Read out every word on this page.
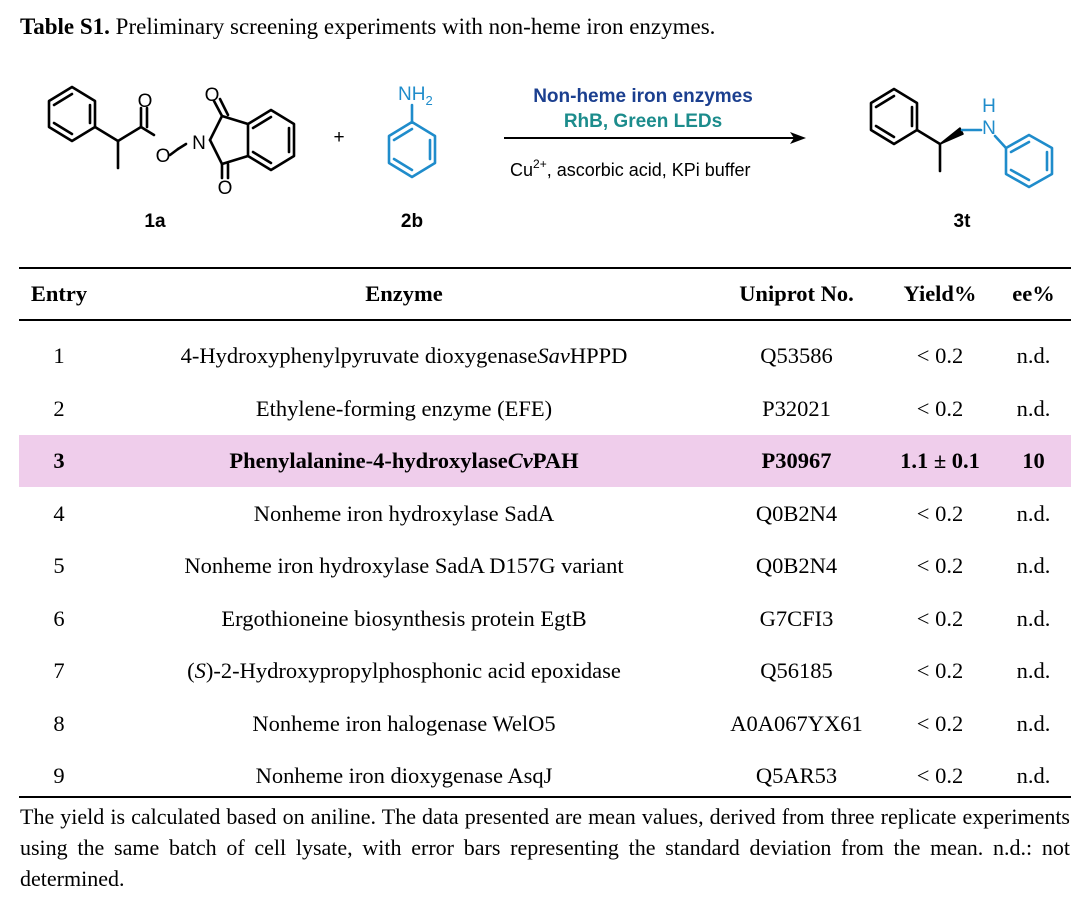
Table S1. Preliminary screening experiments with non-heme iron enzymes.
O
O
N
O
O
1a
+
$NH_2$
2b
Non-heme iron enzymes
RhB, Green LEDs
$Cu^{2+}$, ascorbic acid, KPi buffer
H
N
3t
Entry	Enzyme	Uniprot No.	Yield%	ee%
1	4-Hydroxyphenylpyruvate dioxygenase Sav HPPD	Q53586	< 0.2	n.d.
2	Ethylene-forming enzyme (EFE)	P32021	< 0.2	n.d.
3	Phenylalanine-4-hydroxylase Cv PAH	P30967	1.1 ± 0.1	10
4	Nonheme iron hydroxylase SadA	Q0B2N4	< 0.2	n.d.
5	Nonheme iron hydroxylase SadA D157G variant	Q0B2N4	< 0.2	n.d.
6	Ergothioneine biosynthesis protein EgtB	G7CFI3	< 0.2	n.d.
7	( S )-2-Hydroxypropylphosphonic acid epoxidase	Q56185	< 0.2	n.d.
8	Nonheme iron halogenase WelO5	A0A067YX61	< 0.2	n.d.
9	Nonheme iron dioxygenase AsqJ	Q5AR53	< 0.2	n.d.
The yield is calculated based on aniline. The data presented are mean values, derived from three replicate experiments using the same batch of cell lysate, with error bars representing the standard deviation from the mean. n.d.: not determined.
